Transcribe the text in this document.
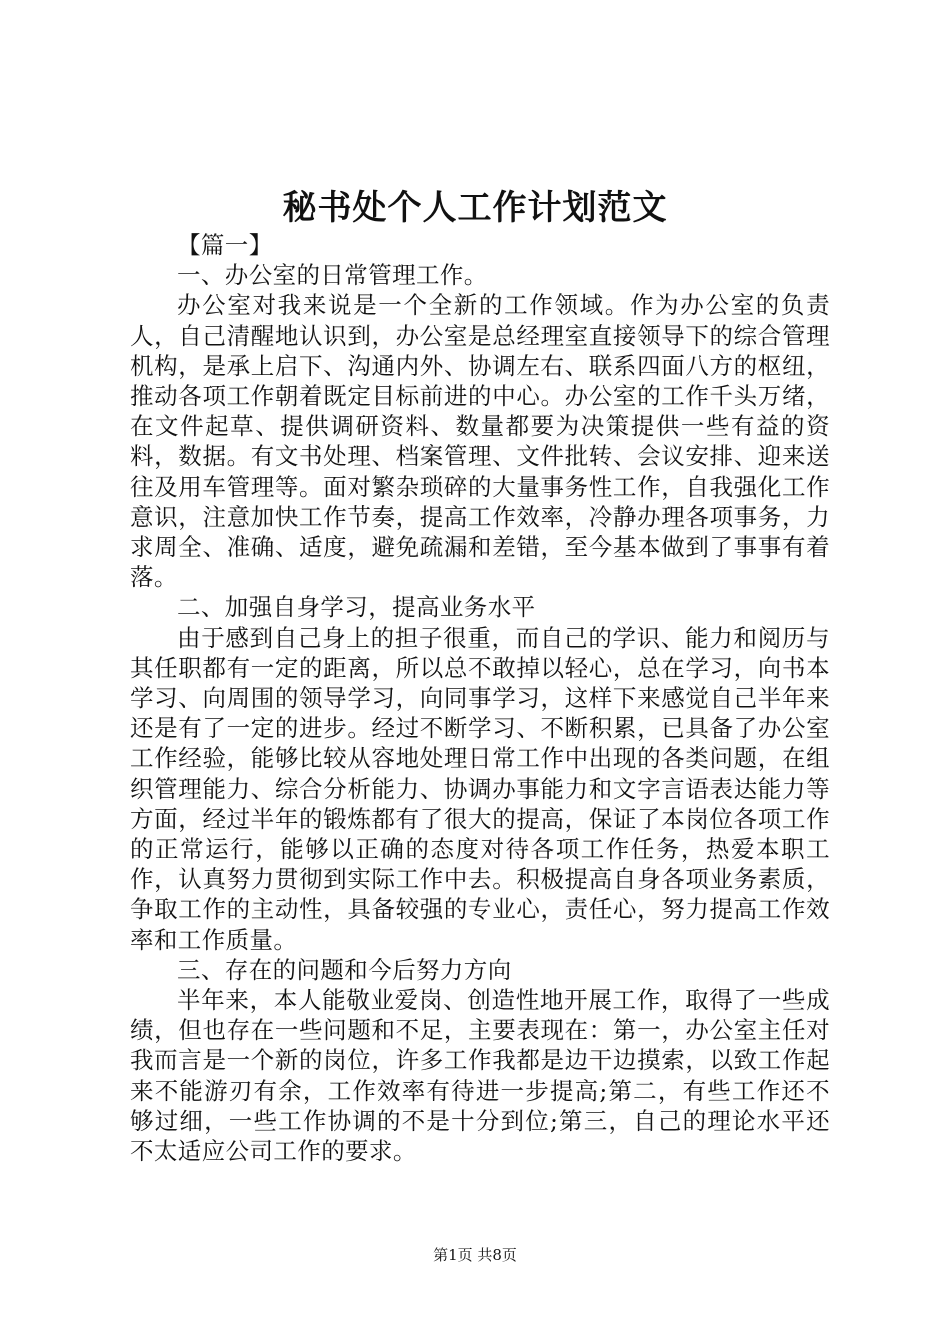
秘书处个人工作计划范文

【篇一】

一、办公室的日常管理工作。

办公室对我来说是一个全新的工作领域。作为办公室的负责人，自己清醒地认识到，办公室是总经理室直接领导下的综合管理机构，是承上启下、沟通内外、协调左右、联系四面八方的枢纽，推动各项工作朝着既定目标前进的中心。办公室的工作千头万绪，在文件起草、提供调研资料、数量都要为决策提供一些有益的资料，数据。有文书处理、档案管理、文件批转、会议安排、迎来送往及用车管理等。面对繁杂琐碎的大量事务性工作，自我强化工作意识，注意加快工作节奏，提高工作效率，冷静办理各项事务，力求周全、准确、适度，避免疏漏和差错，至今基本做到了事事有着落。

二、加强自身学习，提高业务水平

由于感到自己身上的担子很重，而自己的学识、能力和阅历与其任职都有一定的距离，所以总不敢掉以轻心，总在学习，向书本学习、向周围的领导学习，向同事学习，这样下来感觉自己半年来还是有了一定的进步。经过不断学习、不断积累，已具备了办公室工作经验，能够比较从容地处理日常工作中出现的各类问题，在组织管理能力、综合分析能力、协调办事能力和文字言语表达能力等方面，经过半年的锻炼都有了很大的提高，保证了本岗位各项工作的正常运行，能够以正确的态度对待各项工作任务，热爱本职工作，认真努力贯彻到实际工作中去。积极提高自身各项业务素质，争取工作的主动性，具备较强的专业心，责任心，努力提高工作效率和工作质量。

三、存在的问题和今后努力方向

半年来，本人能敬业爱岗、创造性地开展工作，取得了一些成绩，但也存在一些问题和不足，主要表现在：第一，办公室主任对我而言是一个新的岗位，许多工作我都是边干边摸索，以致工作起来不能游刃有余，工作效率有待进一步提高;第二，有些工作还不够过细，一些工作协调的不是十分到位;第三，自己的理论水平还不太适应公司工作的要求。

第1页 共8页
